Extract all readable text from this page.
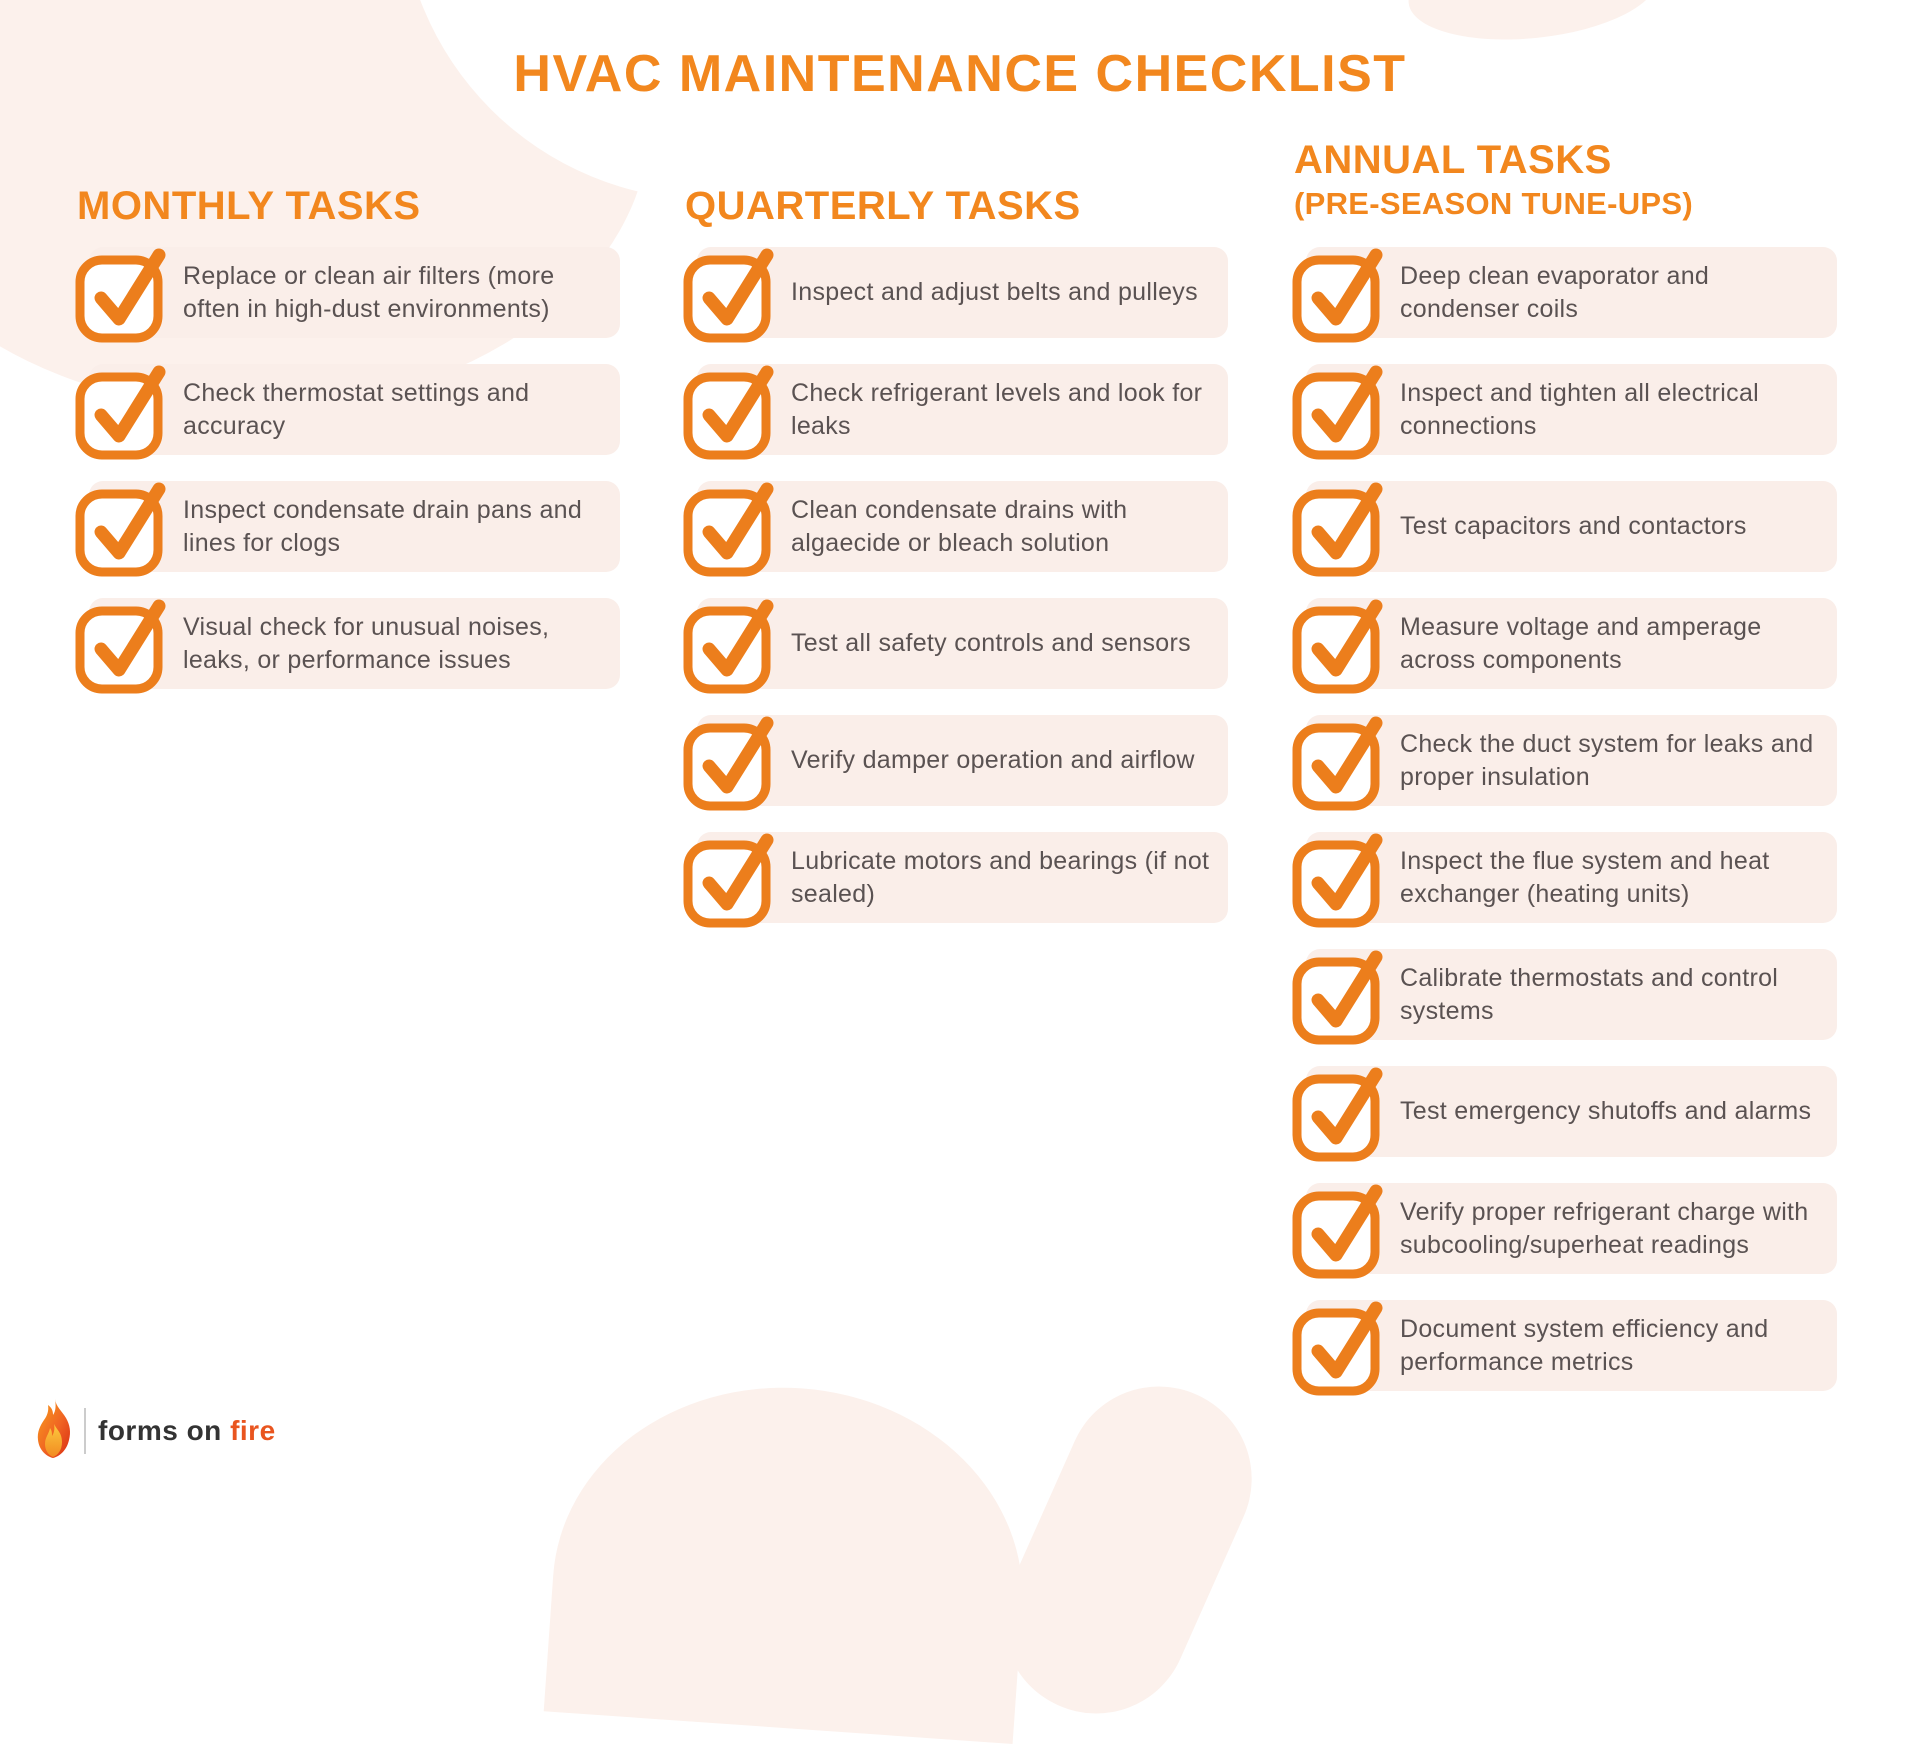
HVAC MAINTENANCE CHECKLIST
MONTHLY TASKS
Replace or clean air filters (more often in high-dust environments)
Check thermostat settings and accuracy
Inspect condensate drain pans and lines for clogs
Visual check for unusual noises, leaks, or performance issues
QUARTERLY TASKS
Inspect and adjust belts and pulleys
Check refrigerant levels and look for leaks
Clean condensate drains with algaecide or bleach solution
Test all safety controls and sensors
Verify damper operation and airflow
Lubricate motors and bearings (if not sealed)
ANNUAL TASKS
(PRE-SEASON TUNE-UPS)
Deep clean evaporator and condenser coils
Inspect and tighten all electrical connections
Test capacitors and contactors
Measure voltage and amperage across components
Check the duct system for leaks and proper insulation
Inspect the flue system and heat exchanger (heating units)
Calibrate thermostats and control systems
Test emergency shutoffs and alarms
Verify proper refrigerant charge with subcooling/superheat readings
Document system efficiency and performance metrics
forms on fire
